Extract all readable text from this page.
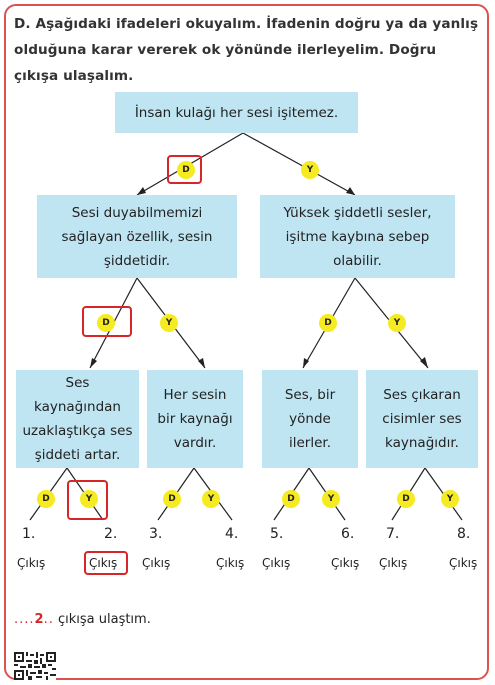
D. Aşağıdaki ifadeleri okuyalım. İfadenin doğru ya da yanlış olduğuna karar vererek ok yönünde ilerleyelim. Doğru çıkışa ulaşalım.
İnsan kulağı her sesi işitemez.
Sesi duyabilmemizi sağlayan özellik, sesin şiddetidir.
Yüksek şiddetli sesler, işitme kaybına sebep olabilir.
Ses kaynağından uzaklaştıkça ses şiddeti artar.
Her sesin bir kaynağı vardır.
Ses, bir yönde ilerler.
Ses çıkaran cisimler ses kaynağıdır.
D	Y
D	Y	D	Y
D	Y	D	Y	D	Y	D	Y
1.	2. 3.	4. 5.	6. 7.	8.
Çıkış	Çıkış Çıkış	Çıkış Çıkış	Çıkış Çıkış	Çıkış
....2.. çıkışa ulaştım.
